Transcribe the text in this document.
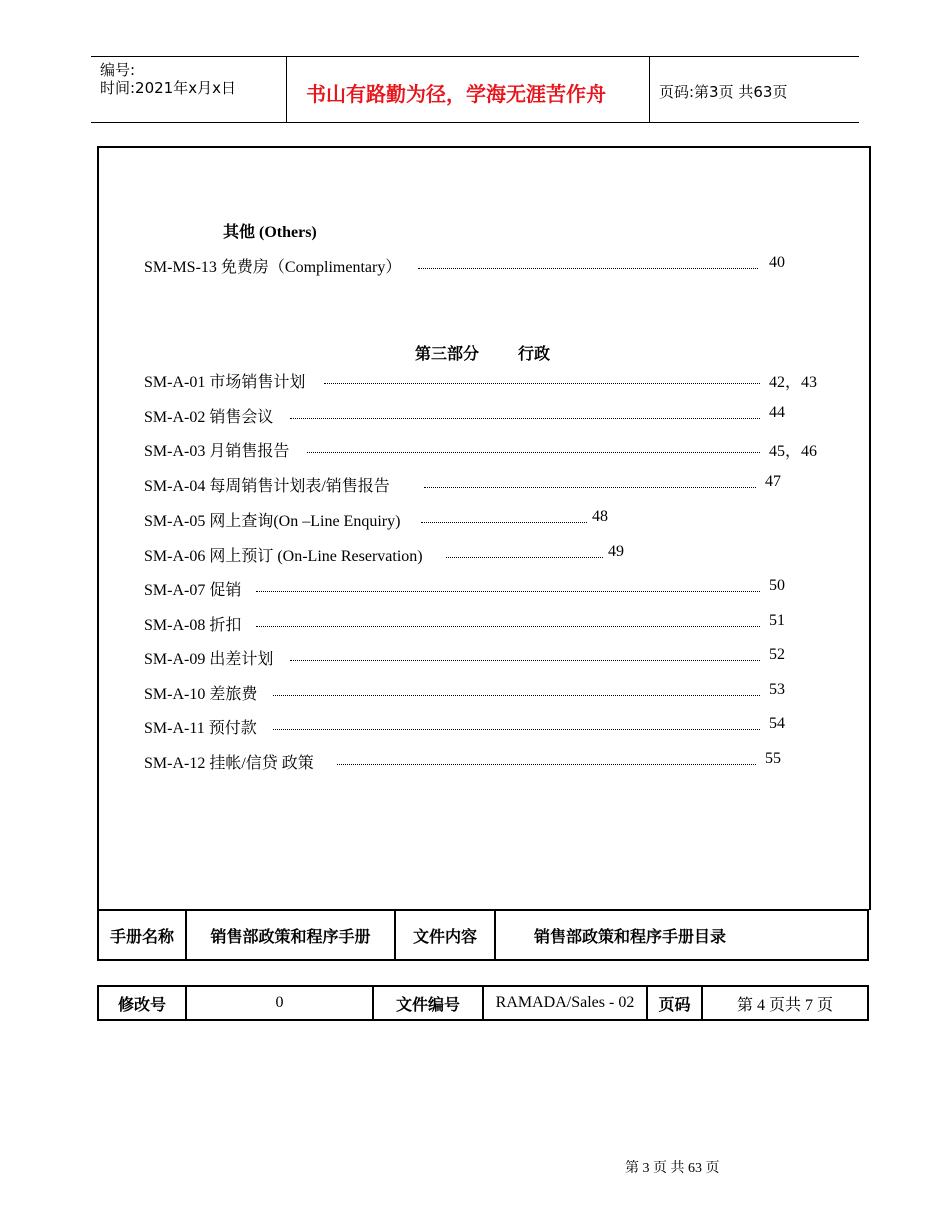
编号:
时间:2021年x月x日	书山有路勤为径，学海无涯苦作舟	页码:第3页 共63页
其他 (Others)
SM-MS-13 免费房（Complimentary）	40
第三部分 行政
SM-A-01 市场销售计划	42，43
SM-A-02 销售会议	44
SM-A-03 月销售报告	45，46
SM-A-04 每周销售计划表/销售报告	47
SM-A-05 网上查询(On –Line Enquiry)	48
SM-A-06 网上预订 (On-Line Reservation)	49
SM-A-07 促销	50
SM-A-08 折扣	51
SM-A-09 出差计划	52
SM-A-10 差旅费	53
SM-A-11 预付款	54
SM-A-12 挂帐/信贷 政策	55
手册名称	销售部政策和程序手册	文件内容	销售部政策和程序手册目录
修改号	0	文件编号	RAMADA/Sales - 02	页码	第 4 页共 7 页
第 3 页 共 63 页
